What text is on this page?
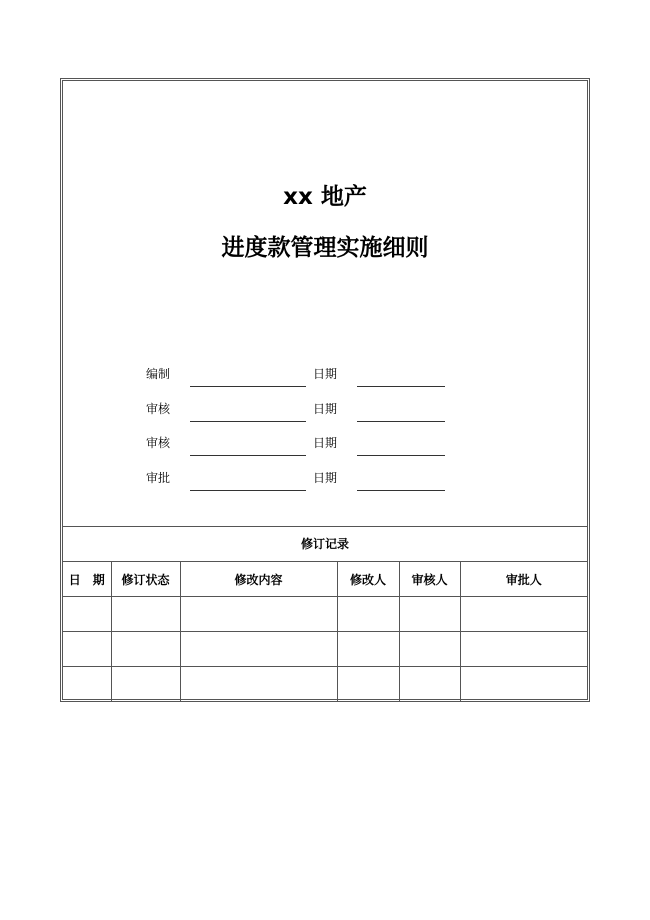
xx 地产
进度款管理实施细则
编制	日期
审核	日期
审核	日期
审批	日期
修订记录					
日　期	修订状态	修改内容	修改人	审核人	审批人
